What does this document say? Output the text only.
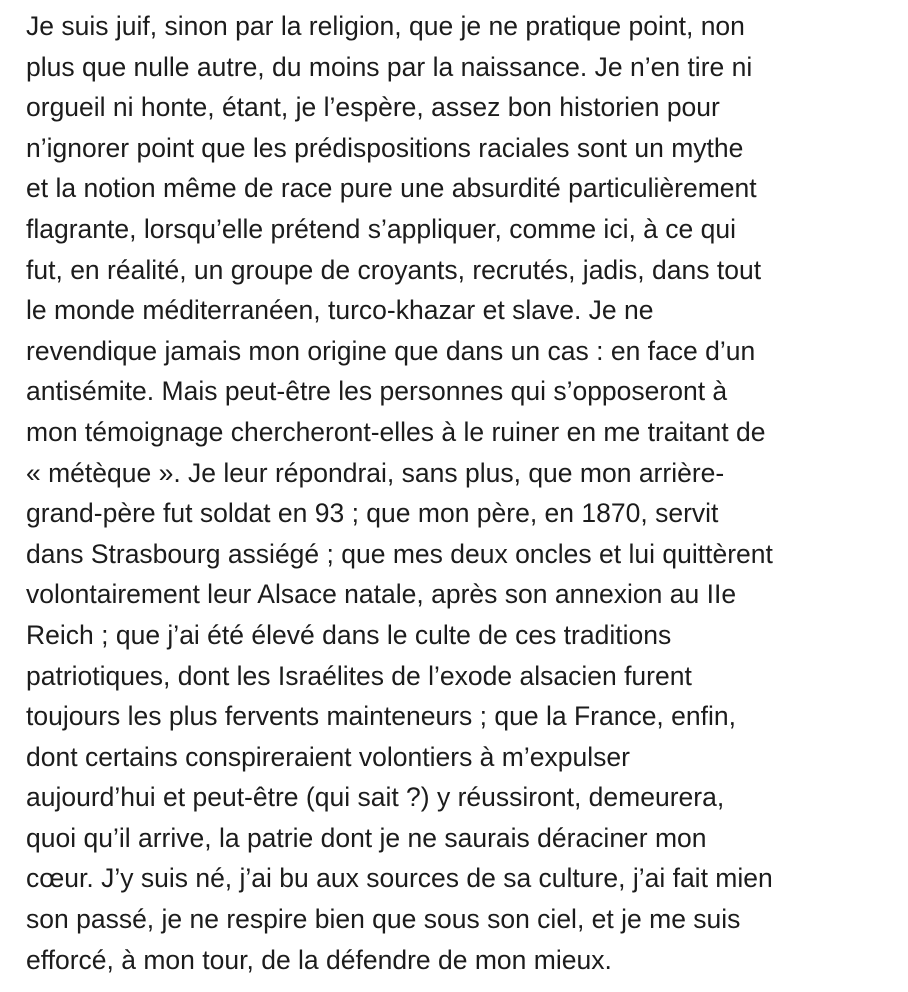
Je suis juif, sinon par la religion, que je ne pratique point, non
plus que nulle autre, du moins par la naissance. Je n’en tire ni
orgueil ni honte, étant, je l’espère, assez bon historien pour
n’ignorer point que les prédispositions raciales sont un mythe
et la notion même de race pure une absurdité particulièrement
flagrante, lorsqu’elle prétend s’appliquer, comme ici, à ce qui
fut, en réalité, un groupe de croyants, recrutés, jadis, dans tout
le monde méditerranéen, turco-khazar et slave. Je ne
revendique jamais mon origine que dans un cas : en face d’un
antisémite. Mais peut-être les personnes qui s’opposeront à
mon témoignage chercheront-elles à le ruiner en me traitant de
« métèque ». Je leur répondrai, sans plus, que mon arrière-
grand-père fut soldat en 93 ; que mon père, en 1870, servit
dans Strasbourg assiégé ; que mes deux oncles et lui quittèrent
volontairement leur Alsace natale, après son annexion au IIe
Reich ; que j’ai été élevé dans le culte de ces traditions
patriotiques, dont les Israélites de l’exode alsacien furent
toujours les plus fervents mainteneurs ; que la France, enfin,
dont certains conspireraient volontiers à m’expulser
aujourd’hui et peut-être (qui sait ?) y réussiront, demeurera,
quoi qu’il arrive, la patrie dont je ne saurais déraciner mon
cœur. J’y suis né, j’ai bu aux sources de sa culture, j’ai fait mien
son passé, je ne respire bien que sous son ciel, et je me suis
efforcé, à mon tour, de la défendre de mon mieux.
